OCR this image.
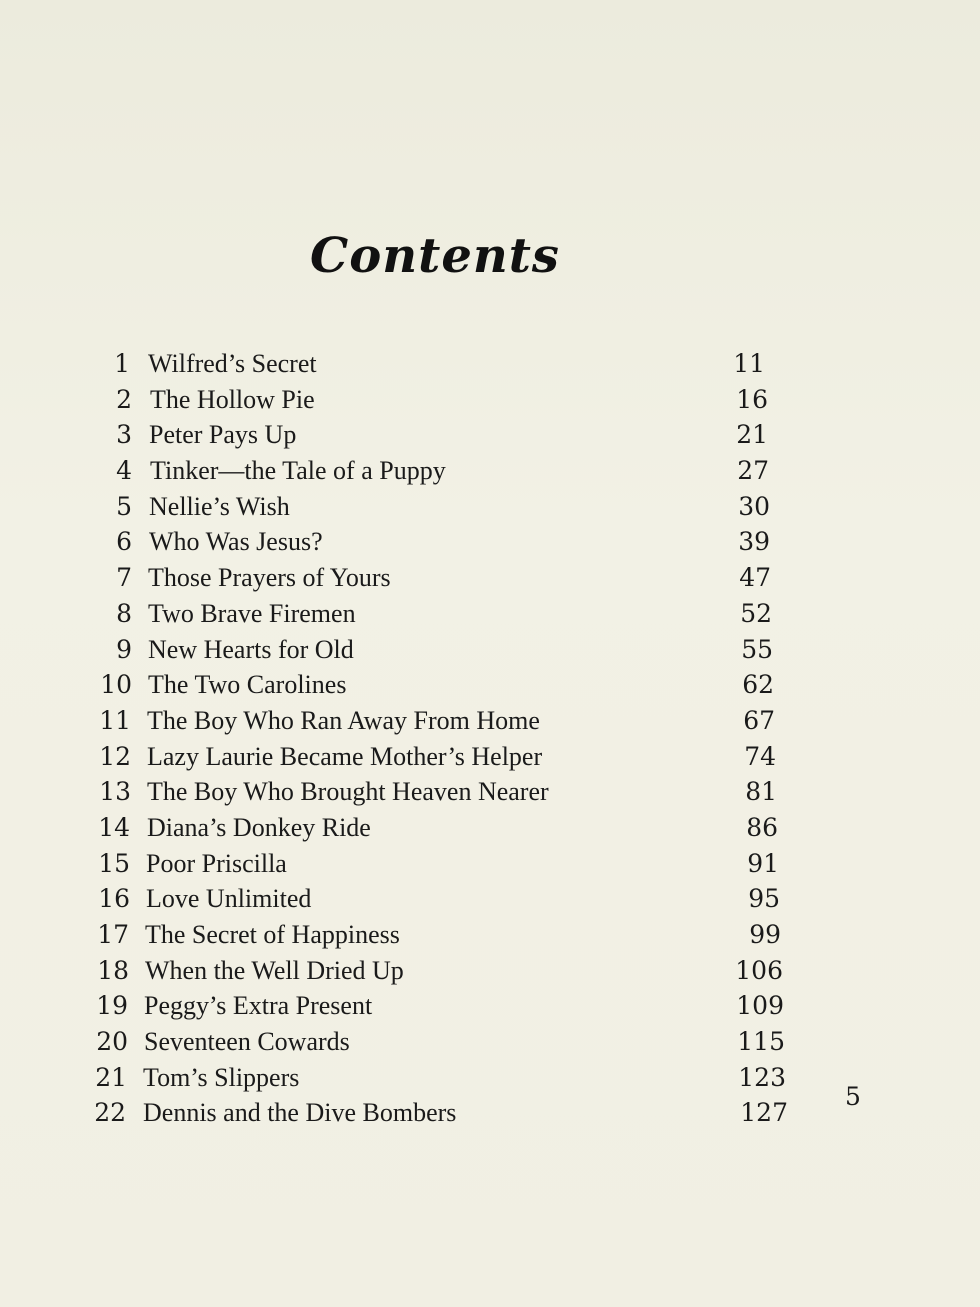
Contents
1 Wilfred’s Secret	11
2 The Hollow Pie	16
3 Peter Pays Up	21
4 Tinker—the Tale of a Puppy	27
5 Nellie’s Wish	30
6 Who Was Jesus?	39
7 Those Prayers of Yours	47
8 Two Brave Firemen	52
9 New Hearts for Old	55
10 The Two Carolines	62
11 The Boy Who Ran Away From Home	67
12 Lazy Laurie Became Mother’s Helper	74
13 The Boy Who Brought Heaven Nearer	81
14 Diana’s Donkey Ride	86
15 Poor Priscilla	91
16 Love Unlimited	95
17 The Secret of Happiness	99
18 When the Well Dried Up	106
19 Peggy’s Extra Present	109
20 Seventeen Cowards	115
21 Tom’s Slippers	123
22 Dennis and the Dive Bombers	127
5
